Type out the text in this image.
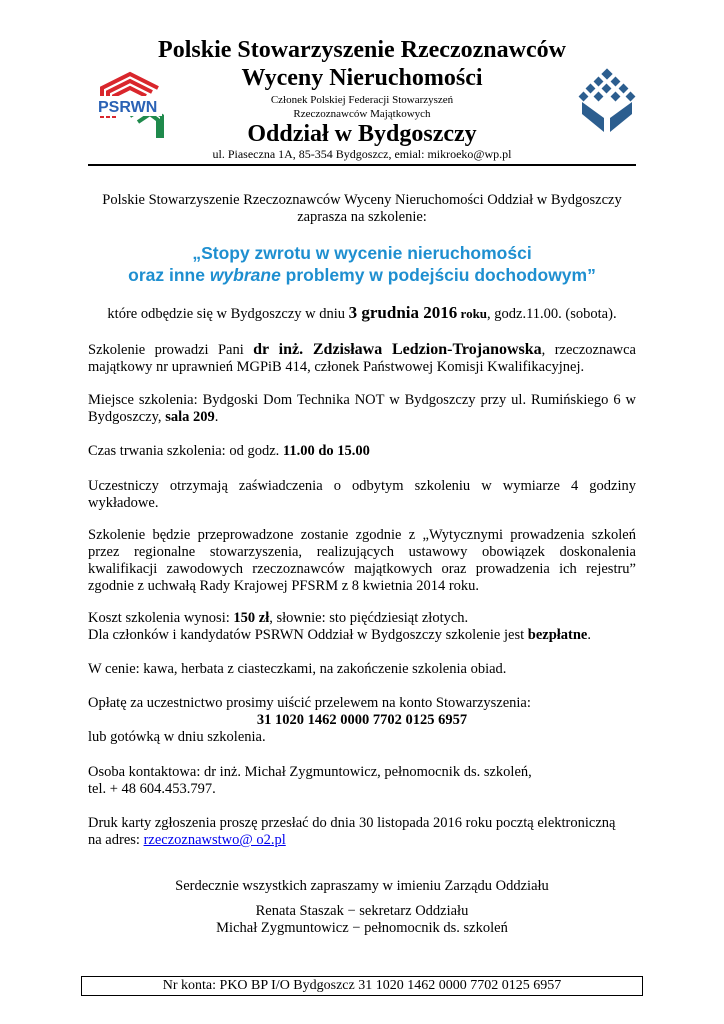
PSRWN
Polskie Stowarzyszenie Rzeczoznawców
Wyceny Nieruchomości
Członek Polskiej Federacji Stowarzyszeń
Rzeczoznawców Majątkowych
Oddział w Bydgoszczy
ul. Piaseczna 1A, 85-354 Bydgoszcz, emial: mikroeko@wp.pl
Polskie Stowarzyszenie Rzeczoznawców Wyceny Nieruchomości Oddział w Bydgoszczy
zaprasza na szkolenie:
„Stopy zwrotu w wycenie nieruchomości
oraz inne wybrane problemy w podejściu dochodowym”
które odbędzie się w Bydgoszczy w dniu 3 grudnia 2016 roku, godz.11.00. (sobota).
Szkolenie prowadzi Pani dr inż. Zdzisława Ledzion-Trojanowska, rzeczoznawca majątkowy nr uprawnień MGPiB 414, członek Państwowej Komisji Kwalifikacyjnej.
Miejsce szkolenia: Bydgoski Dom Technika NOT w Bydgoszczy przy ul. Rumińskiego 6 w Bydgoszczy, sala 209.
Czas trwania szkolenia: od godz. 11.00 do 15.00
Uczestniczy otrzymają zaświadczenia o odbytym szkoleniu w wymiarze 4 godziny wykładowe.
Szkolenie będzie przeprowadzone zostanie zgodnie z „Wytycznymi prowadzenia szkoleń przez regionalne stowarzyszenia, realizujących ustawowy obowiązek doskonalenia kwalifikacji zawodowych rzeczoznawców majątkowych oraz prowadzenia ich rejestru” zgodnie z uchwałą Rady Krajowej PFSRM z 8 kwietnia 2014 roku.
Koszt szkolenia wynosi: 150 zł, słownie: sto pięćdziesiąt złotych.
Dla członków i kandydatów PSRWN Oddział w Bydgoszczy szkolenie jest bezpłatne.
W cenie: kawa, herbata z ciasteczkami, na zakończenie szkolenia obiad.
Opłatę za uczestnictwo prosimy uiścić przelewem na konto Stowarzyszenia:
31 1020 1462 0000 7702 0125 6957
lub gotówką w dniu szkolenia.
Osoba kontaktowa: dr inż. Michał Zygmuntowicz, pełnomocnik ds. szkoleń,
tel. + 48 604.453.797.
Druk karty zgłoszenia proszę przesłać do dnia 30 listopada 2016 roku pocztą elektroniczną
na adres: rzeczoznawstwo@ o2.pl
Serdecznie wszystkich zapraszamy w imieniu Zarządu Oddziału
Renata Staszak − sekretarz Oddziału
Michał Zygmuntowicz − pełnomocnik ds. szkoleń
Nr konta: PKO BP I/O Bydgoszcz 31 1020 1462 0000 7702 0125 6957
